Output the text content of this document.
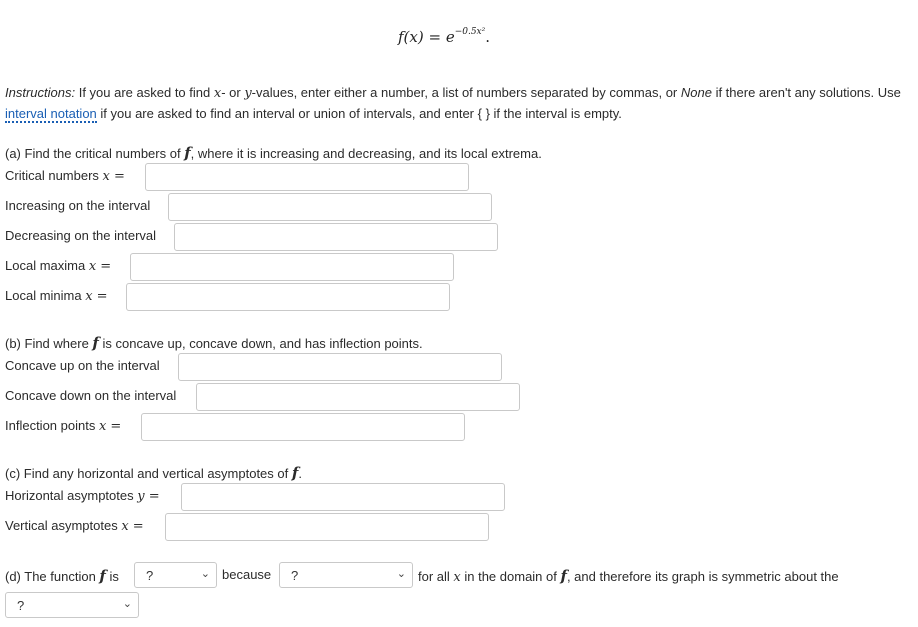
$f(x) = e^{-0.5x^2}$.
Instructions: If you are asked to find x- or y-values, enter either a number, a list of numbers separated by commas, or None if there aren't any solutions. Use interval notation if you are asked to find an interval or union of intervals, and enter { } if the interval is empty.
(a) Find the critical numbers of f, where it is increasing and decreasing, and its local extrema.
Critical numbers x =
Increasing on the interval
Decreasing on the interval
Local maxima x =
Local minima x =
(b) Find where f is concave up, concave down, and has inflection points.
Concave up on the interval
Concave down on the interval
Inflection points x =
(c) Find any horizontal and vertical asymptotes of f.
Horizontal asymptotes y =
Vertical asymptotes x =
(d) The function f is ?	⌄ because ?	⌄ for all x in the domain of f, and therefore its graph is symmetric about the
?	⌄
